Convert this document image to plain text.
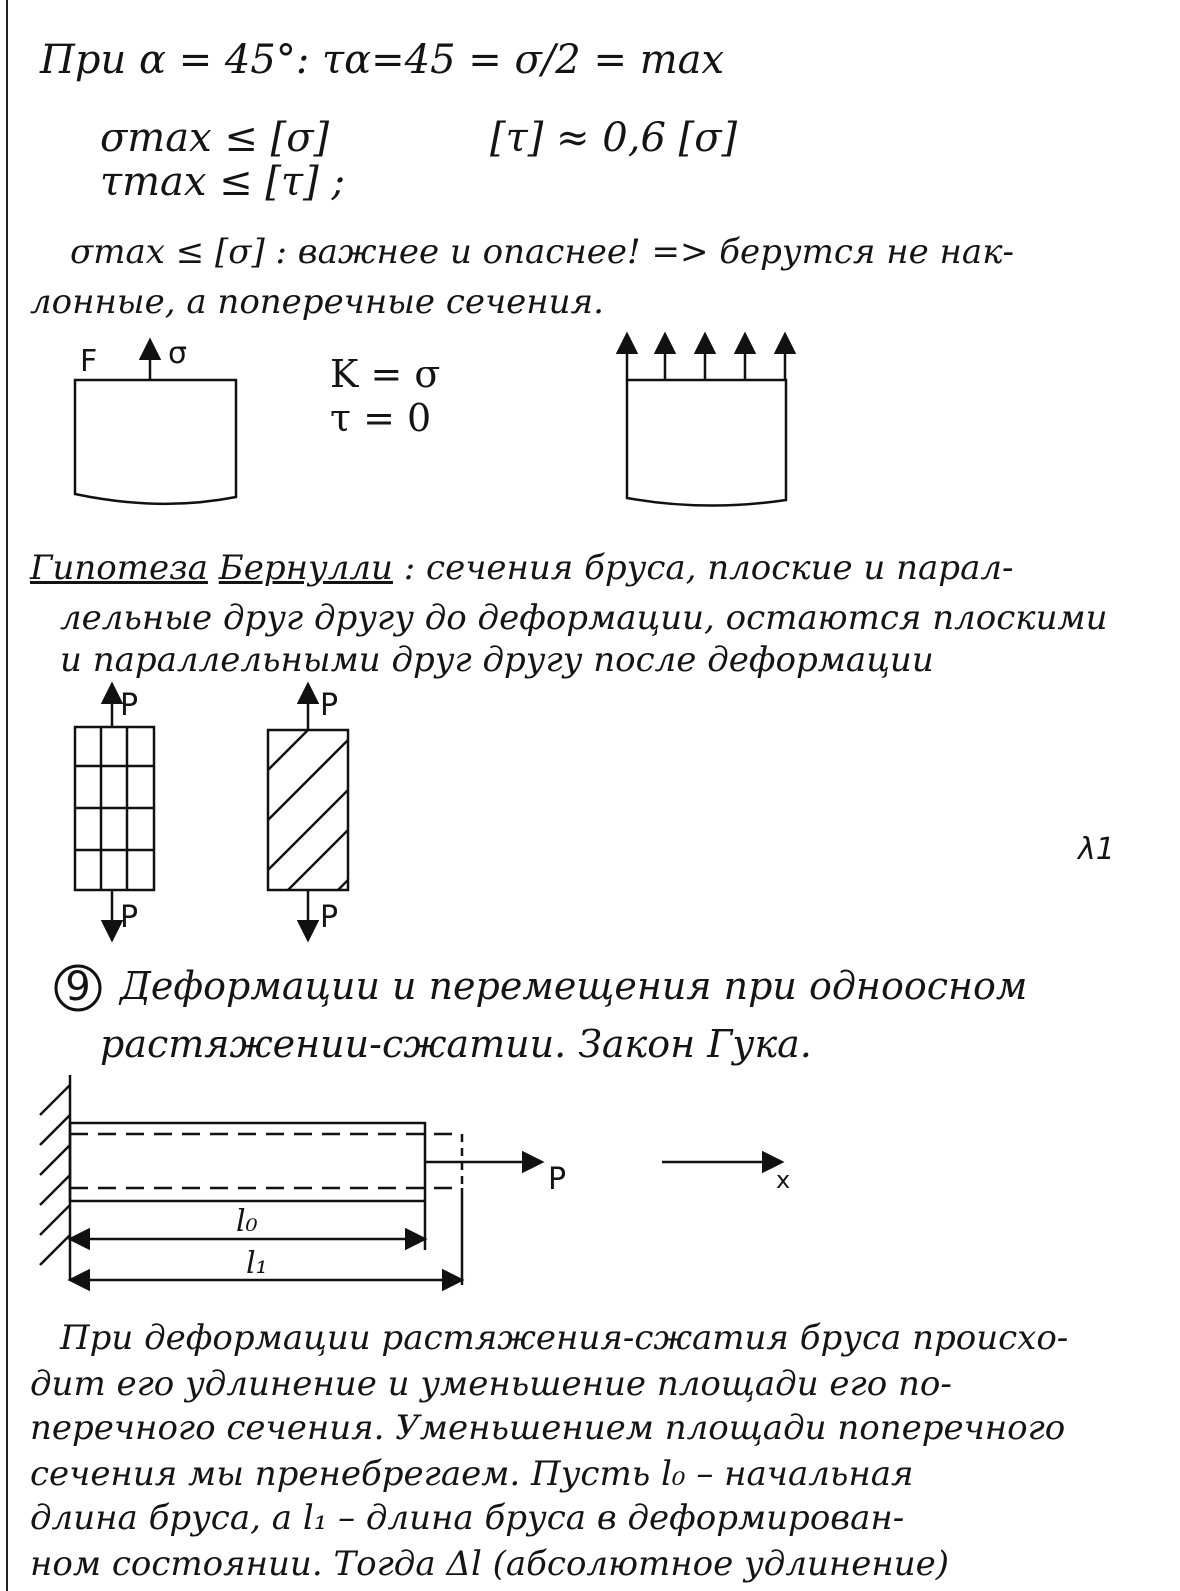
При α = 45°: τα=45 = σ/2 = max
σmax ≤ [σ]	[τ] ≈ 0,6 [σ]
τmax ≤ [τ] ;
σmax ≤ [σ] : важнее и опаснее! => берутся не нак-
лонные, а поперечные сечения.
F σ	K = σ
τ = 0
Гипотеза Бернулли : сечения бруса, плоские и парал-
лельные друг другу до деформации, остаются плоскими
и параллельными друг другу после деформации
P
P
P
P
λ1
9 Деформации и перемещения при одноосном
растяжении-сжатии. Закон Гука.
P	x
l₀
l₁
При деформации растяжения-сжатия бруса происхо-
дит его удлинение и уменьшение площади его по-
перечного сечения. Уменьшением площади поперечного
сечения мы пренебрегаем. Пусть l₀ – начальная
длина бруса, а l₁ – длина бруса в деформирован-
ном состоянии. Тогда Δl (абсолютное удлинение)
